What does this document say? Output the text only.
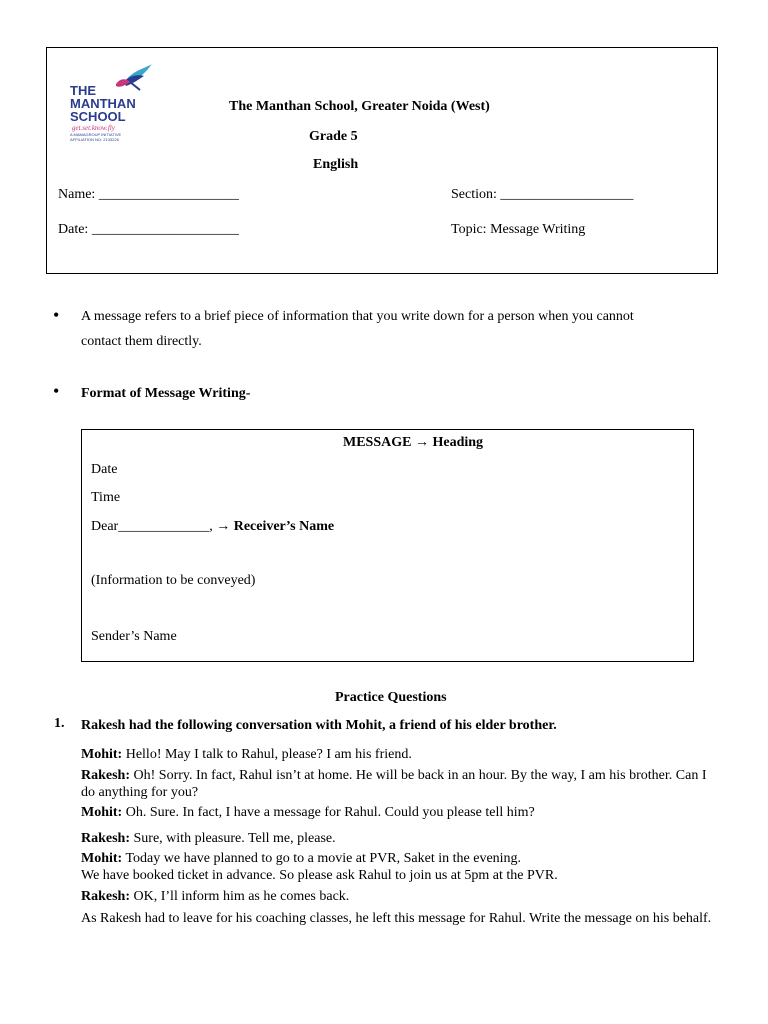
THE
MANTHAN
SCHOOL
get.set.know.fly
A MAMAGROUP INITIATIVE
AFFILIATION NO: 2133226
The Manthan School, Greater Noida (West)
Grade 5
English
Name: ____________________	Section: ___________________
Date: _____________________	Topic: Message Writing
• A message refers to a brief piece of information that you write down for a person when you cannot
contact them directly.
• Format of Message Writing-
MESSAGE → Heading
Date
Time
Dear_____________, → Receiver’s Name
(Information to be conveyed)
Sender’s Name
Practice Questions
1. Rakesh had the following conversation with Mohit, a friend of his elder brother.
Mohit: Hello! May I talk to Rahul, please? I am his friend.
Rakesh: Oh! Sorry. In fact, Rahul isn’t at home. He will be back in an hour. By the way, I am his brother. Can I do anything for you?
Mohit: Oh. Sure. In fact, I have a message for Rahul. Could you please tell him?
Rakesh: Sure, with pleasure. Tell me, please.
Mohit: Today we have planned to go to a movie at PVR, Saket in the evening.
We have booked ticket in advance. So please ask Rahul to join us at 5pm at the PVR.
Rakesh: OK, I’ll inform him as he comes back.
As Rakesh had to leave for his coaching classes, he left this message for Rahul. Write the message on his behalf.
